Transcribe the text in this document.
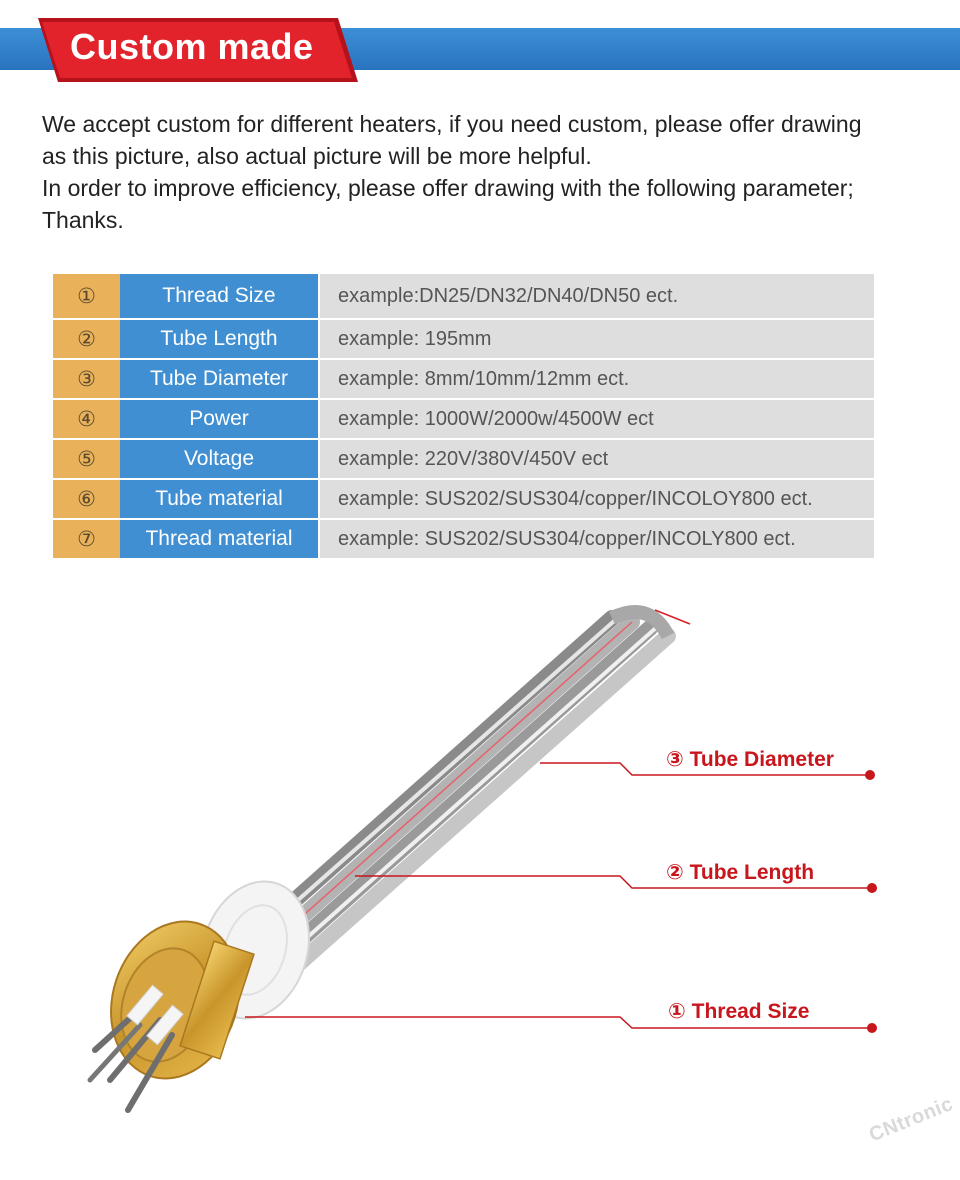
Custom made

We accept custom for different heaters, if you need custom, please offer drawing

as this picture, also actual picture will be more helpful.

In order to improve efficiency, please offer drawing with the following parameter;

Thanks.

①	Thread Size	example:DN25/DN32/DN40/DN50 ect.
②	Tube Length	example: 195mm
③	Tube Diameter	example: 8mm/10mm/12mm ect.
④	Power	example: 1000W/2000w/4500W ect
⑤	Voltage	example: 220V/380V/450V ect
⑥	Tube material	example: SUS202/SUS304/copper/INCOLOY800 ect.
⑦	Thread material	example: SUS202/SUS304/copper/INCOLY800 ect.
③ Tube Diameter
② Tube Length
① Thread Size
CNtronic
